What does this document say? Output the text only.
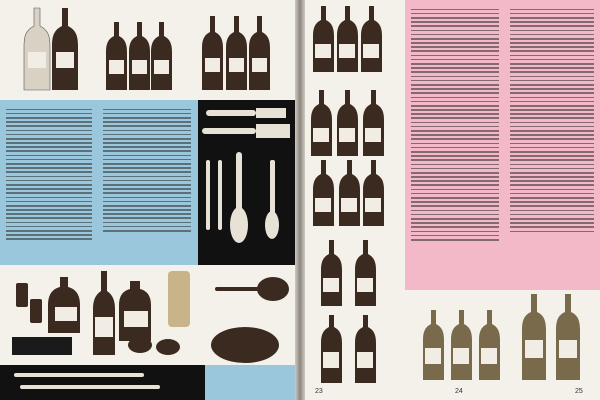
23	24	25
